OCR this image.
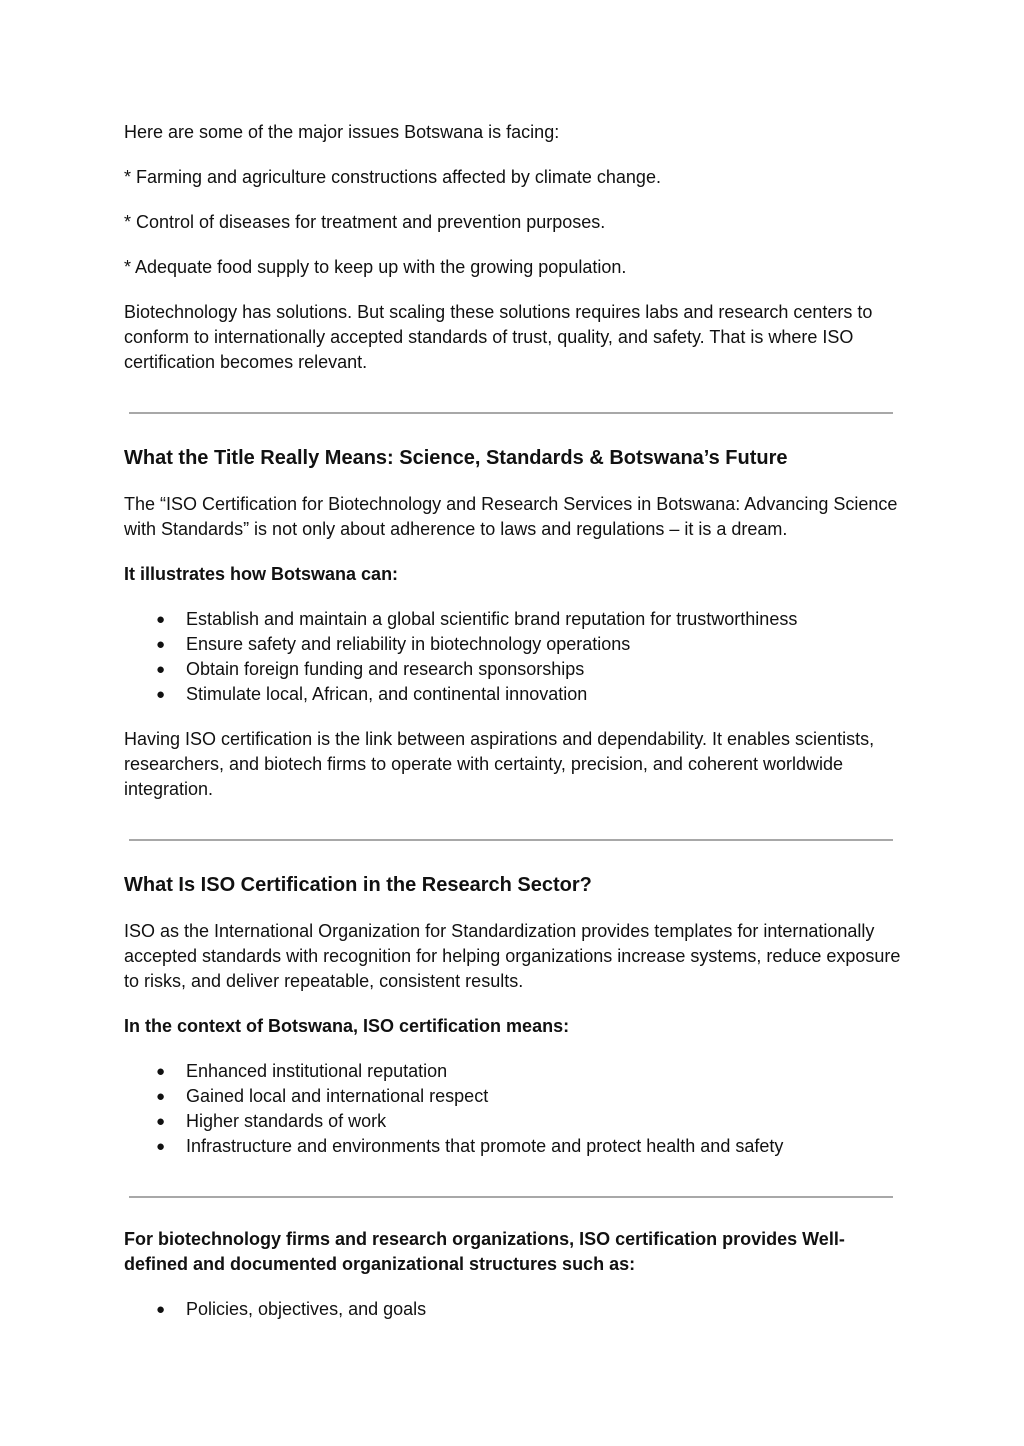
Here are some of the major issues Botswana is facing:

* Farming and agriculture constructions affected by climate change.

* Control of diseases for treatment and prevention purposes.

* Adequate food supply to keep up with the growing population.

Biotechnology has solutions. But scaling these solutions requires labs and research centers to conform to internationally accepted standards of trust, quality, and safety. That is where ISO certification becomes relevant.

What the Title Really Means: Science, Standards & Botswana’s Future

The “ISO Certification for Biotechnology and Research Services in Botswana: Advancing Science with Standards” is not only about adherence to laws and regulations – it is a dream.

It illustrates how Botswana can:

● Establish and maintain a global scientific brand reputation for trustworthiness
● Ensure safety and reliability in biotechnology operations
● Obtain foreign funding and research sponsorships
● Stimulate local, African, and continental innovation

Having ISO certification is the link between aspirations and dependability. It enables scientists, researchers, and biotech firms to operate with certainty, precision, and coherent worldwide integration.

What Is ISO Certification in the Research Sector?

ISO as the International Organization for Standardization provides templates for internationally accepted standards with recognition for helping organizations increase systems, reduce exposure to risks, and deliver repeatable, consistent results.

In the context of Botswana, ISO certification means:

● Enhanced institutional reputation
● Gained local and international respect
● Higher standards of work
● Infrastructure and environments that promote and protect health and safety

For biotechnology firms and research organizations, ISO certification provides Well-defined and documented organizational structures such as:

● Policies, objectives, and goals
